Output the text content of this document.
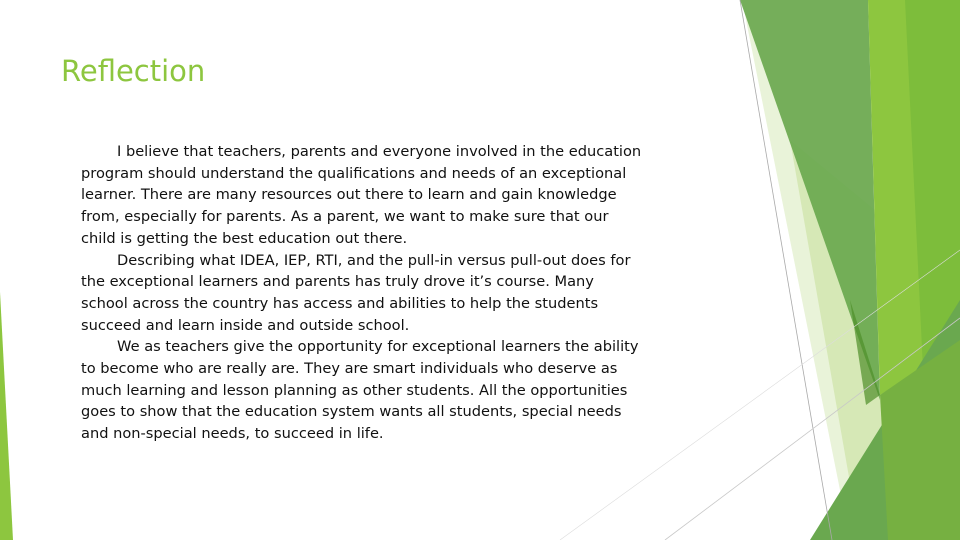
Reflection

I believe that teachers, parents and everyone involved in the education
program should understand the qualifications and needs of an exceptional
learner. There are many resources out there to learn and gain knowledge
from, especially for parents. As a parent, we want to make sure that our
child is getting the best education out there.

Describing what IDEA, IEP, RTI, and the pull-in versus pull-out does for
the exceptional learners and parents has truly drove it’s course. Many
school across the country has access and abilities to help the students
succeed and learn inside and outside school.

We as teachers give the opportunity for exceptional learners the ability
to become who are really are. They are smart individuals who deserve as
much learning and lesson planning as other students. All the opportunities
goes to show that the education system wants all students, special needs
and non-special needs, to succeed in life.
